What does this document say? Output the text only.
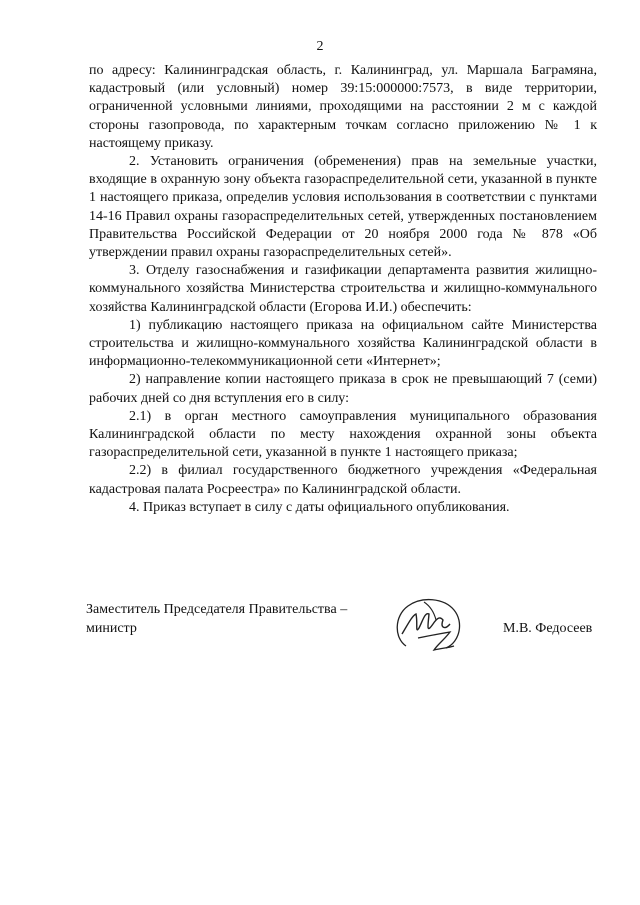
2

по адресу: Калининградская область, г. Калининград, ул. Маршала Баграмяна, кадастровый (или условный) номер 39:15:000000:7573, в виде территории, ограниченной условными линиями, проходящими на расстоянии 2 м с каждой стороны газопровода, по характерным точкам согласно приложению № 1 к настоящему приказу.

2. Установить ограничения (обременения) прав на земельные участки, входящие в охранную зону объекта газораспределительной сети, указанной в пункте 1 настоящего приказа, определив условия использования в соответствии с пунктами 14-16 Правил охраны газораспределительных сетей, утвержденных постановлением Правительства Российской Федерации от 20 ноября 2000 года № 878 «Об утверждении правил охраны газораспределительных сетей».

3. Отделу газоснабжения и газификации департамента развития жилищно-коммунального хозяйства Министерства строительства и жилищно-коммунального хозяйства Калининградской области (Егорова И.И.) обеспечить:

1) публикацию настоящего приказа на официальном сайте Министерства строительства и жилищно-коммунального хозяйства Калининградской области в информационно-телекоммуникационной сети «Интернет»;

2) направление копии настоящего приказа в срок не превышающий 7 (семи) рабочих дней со дня вступления его в силу:

2.1) в орган местного самоуправления муниципального образования Калининградской области по месту нахождения охранной зоны объекта газораспределительной сети, указанной в пункте 1 настоящего приказа;

2.2) в филиал государственного бюджетного учреждения «Федеральная кадастровая палата Росреестра» по Калининградской области.

4. Приказ вступает в силу с даты официального опубликования.

Заместитель Председателя Правительства –
министр	М.В. Федосеев
